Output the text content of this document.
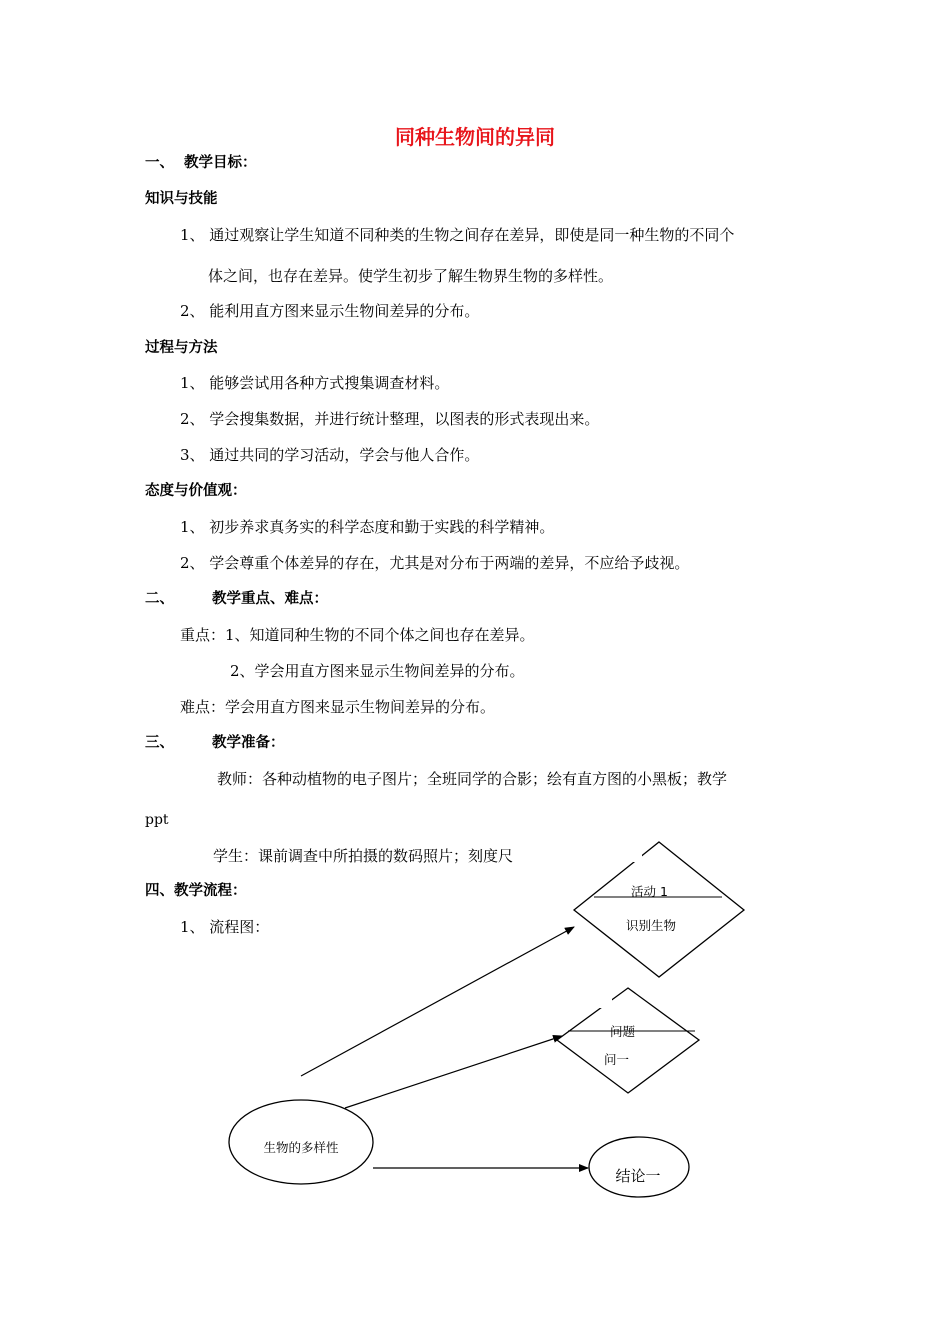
同种生物间的异同
一、 教学目标：
知识与技能
1、 通过观察让学生知道不同种类的生物之间存在差异，即使是同一种生物的不同个
体之间，也存在差异。使学生初步了解生物界生物的多样性。
2、 能利用直方图来显示生物间差异的分布。
过程与方法
1、 能够尝试用各种方式搜集调查材料。
2、 学会搜集数据，并进行统计整理，以图表的形式表现出来。
3、 通过共同的学习活动，学会与他人合作。
态度与价值观：
1、 初步养求真务实的科学态度和勤于实践的科学精神。
2、 学会尊重个体差异的存在，尤其是对分布于两端的差异，不应给予歧视。
二、	教学重点、难点：
重点：1、知道同种生物的不同个体之间也存在差异。
2、学会用直方图来显示生物间差异的分布。
难点：学会用直方图来显示生物间差异的分布。
三、	教学准备：
教师：各种动植物的电子图片；全班同学的合影；绘有直方图的小黑板；教学
ppt
学生：课前调查中所拍摄的数码照片；刻度尺
四、教学流程：
1、 流程图：
活动 1
识别生物
问题
问一
生物的多样性
结论一
